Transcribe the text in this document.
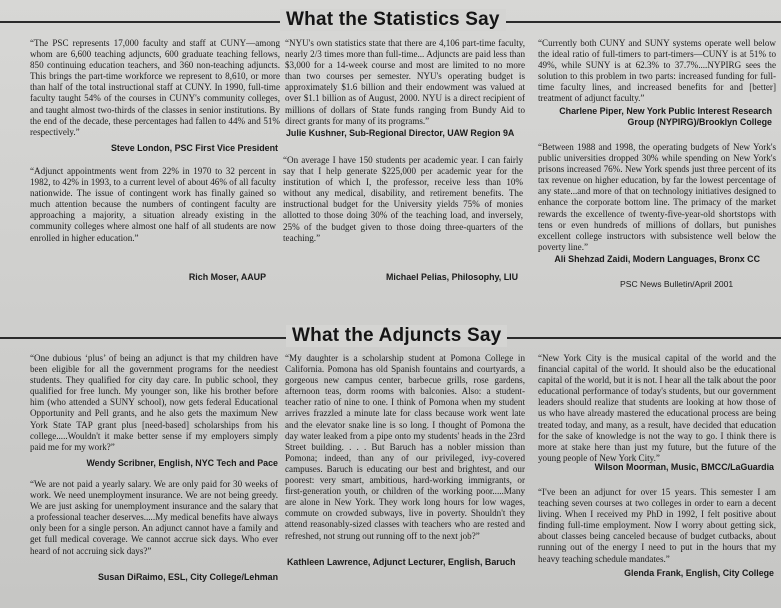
What the Statistics Say

“The PSC represents 17,000 faculty and staff at CUNY—among whom are 6,600 teaching adjuncts, 600 graduate teaching fellows, 850 continuing education teachers, and 360 non-teaching adjuncts. This brings the part-time workforce we represent to 8,610, or more than half of the total instructional staff at CUNY. In 1990, full-time faculty taught 54% of the courses in CUNY's community colleges, and taught almost two-thirds of the classes in senior institutions. By the end of the decade, these percentages had fallen to 44% and 51% respectively.”

Steve London, PSC First Vice President

“Adjunct appointments went from 22% in 1970 to 32 percent in 1982, to 42% in 1993, to a current level of about 46% of all faculty nationwide. The issue of contingent work has finally gained so much attention because the numbers of contingent faculty are approaching a majority, a situation already existing in the community colleges where almost one half of all students are now enrolled in higher education.”

Rich Moser, AAUP

“NYU's own statistics state that there are 4,106 part-time faculty, nearly 2/3 times more than full-time... Adjuncts are paid less than $3,000 for a 14-week course and most are limited to no more than two courses per semester. NYU's operating budget is approximately $1.6 billion and their endowment was valued at over $1.1 billion as of August, 2000. NYU is a direct recipient of millions of dollars of State funds ranging from Bundy Aid to direct grants for many of its programs.”

Julie Kushner, Sub-Regional Director, UAW Region 9A

“On average I have 150 students per academic year. I can fairly say that I help generate $225,000 per academic year for the institution of which I, the professor, receive less than 10% without any medical, disability, and retirement benefits. The instructional budget for the University yields 75% of monies allotted to those doing 30% of the teaching load, and inversely, 25% of the budget given to those doing three-quarters of the teaching.”

Michael Pelias, Philosophy, LIU

“Currently both CUNY and SUNY systems operate well below the ideal ratio of full-timers to part-timers—CUNY is at 51% to 49%, while SUNY is at 62.3% to 37.7%....NYPIRG sees the solution to this problem in two parts: increased funding for full-time faculty lines, and increased benefits for and [better] treatment of adjunct faculty.”

Charlene Piper, New York Public Interest Research
Group (NYPIRG)/Brooklyn College

“Between 1988 and 1998, the operating budgets of New York's public universities dropped 30% while spending on New York's prisons increased 76%. New York spends just three percent of its tax revenue on higher education, by far the lowest percentage of any state...and more of that on technology initiatives designed to enhance the corporate bottom line. The primacy of the market rewards the excellence of twenty-five-year-old shortstops with tens or even hundreds of millions of dollars, but punishes excellent college instructors with subsistence well below the poverty line.”

Ali Shehzad Zaidi, Modern Languages, Bronx CC
PSC News Bulletin/April 2001
What the Adjuncts Say

“One dubious ‘plus’ of being an adjunct is that my children have been eligible for all the government programs for the neediest students. They qualified for city day care. In public school, they qualified for free lunch. My younger son, like his brother before him (who attended a SUNY school), now gets federal Educational Opportunity and Pell grants, and he also gets the maximum New York State TAP grant plus [need-based] scholarships from his college.....Wouldn't it make better sense if my employers simply paid me for my work?”

Wendy Scribner, English, NYC Tech and Pace

“We are not paid a yearly salary. We are only paid for 30 weeks of work. We need unemployment insurance. We are not being greedy. We are just asking for unemployment insurance and the salary that a professional teacher deserves.....My medical benefits have always only been for a single person. An adjunct cannot have a family and get full medical coverage. We cannot accrue sick days. Who ever heard of not accruing sick days?”

Susan DiRaimo, ESL, City College/Lehman

“My daughter is a scholarship student at Pomona College in California. Pomona has old Spanish fountains and courtyards, a gorgeous new campus center, barbecue grills, rose gardens, afternoon teas, dorm rooms with balconies. Also: a student-teacher ratio of nine to one. I think of Pomona when my student arrives frazzled a minute late for class because work went late and the elevator snake line is so long. I thought of Pomona the day water leaked from a pipe onto my students' heads in the 23rd Street building. . . . But Baruch has a nobler mission than Pomona; indeed, than any of our privileged, ivy-covered campuses. Baruch is educating our best and brightest, and our poorest: very smart, ambitious, hard-working immigrants, or first-generation youth, or children of the working poor.....Many are alone in New York. They work long hours for low wages, commute on crowded subways, live in poverty. Shouldn't they attend reasonably-sized classes with teachers who are rested and refreshed, not strung out running off to the next job?”

Kathleen Lawrence, Adjunct Lecturer, English, Baruch

“New York City is the musical capital of the world and the financial capital of the world. It should also be the educational capital of the world, but it is not. I hear all the talk about the poor educational performance of today's students, but our government leaders should realize that students are looking at how those of us who have already mastered the educational process are being treated today, and many, as a result, have decided that education for the sake of knowledge is not the way to go. I think there is more at stake here than just my future, but the future of the young people of New York City.”

Wilson Moorman, Music, BMCC/LaGuardia

“I've been an adjunct for over 15 years. This semester I am teaching seven courses at two colleges in order to earn a decent living. When I received my PhD in 1992, I felt positive about finding full-time employment. Now I worry about getting sick, about classes being canceled because of budget cutbacks, about running out of the energy I need to put in the hours that my heavy teaching schedule mandates.”

Glenda Frank, English, City College
